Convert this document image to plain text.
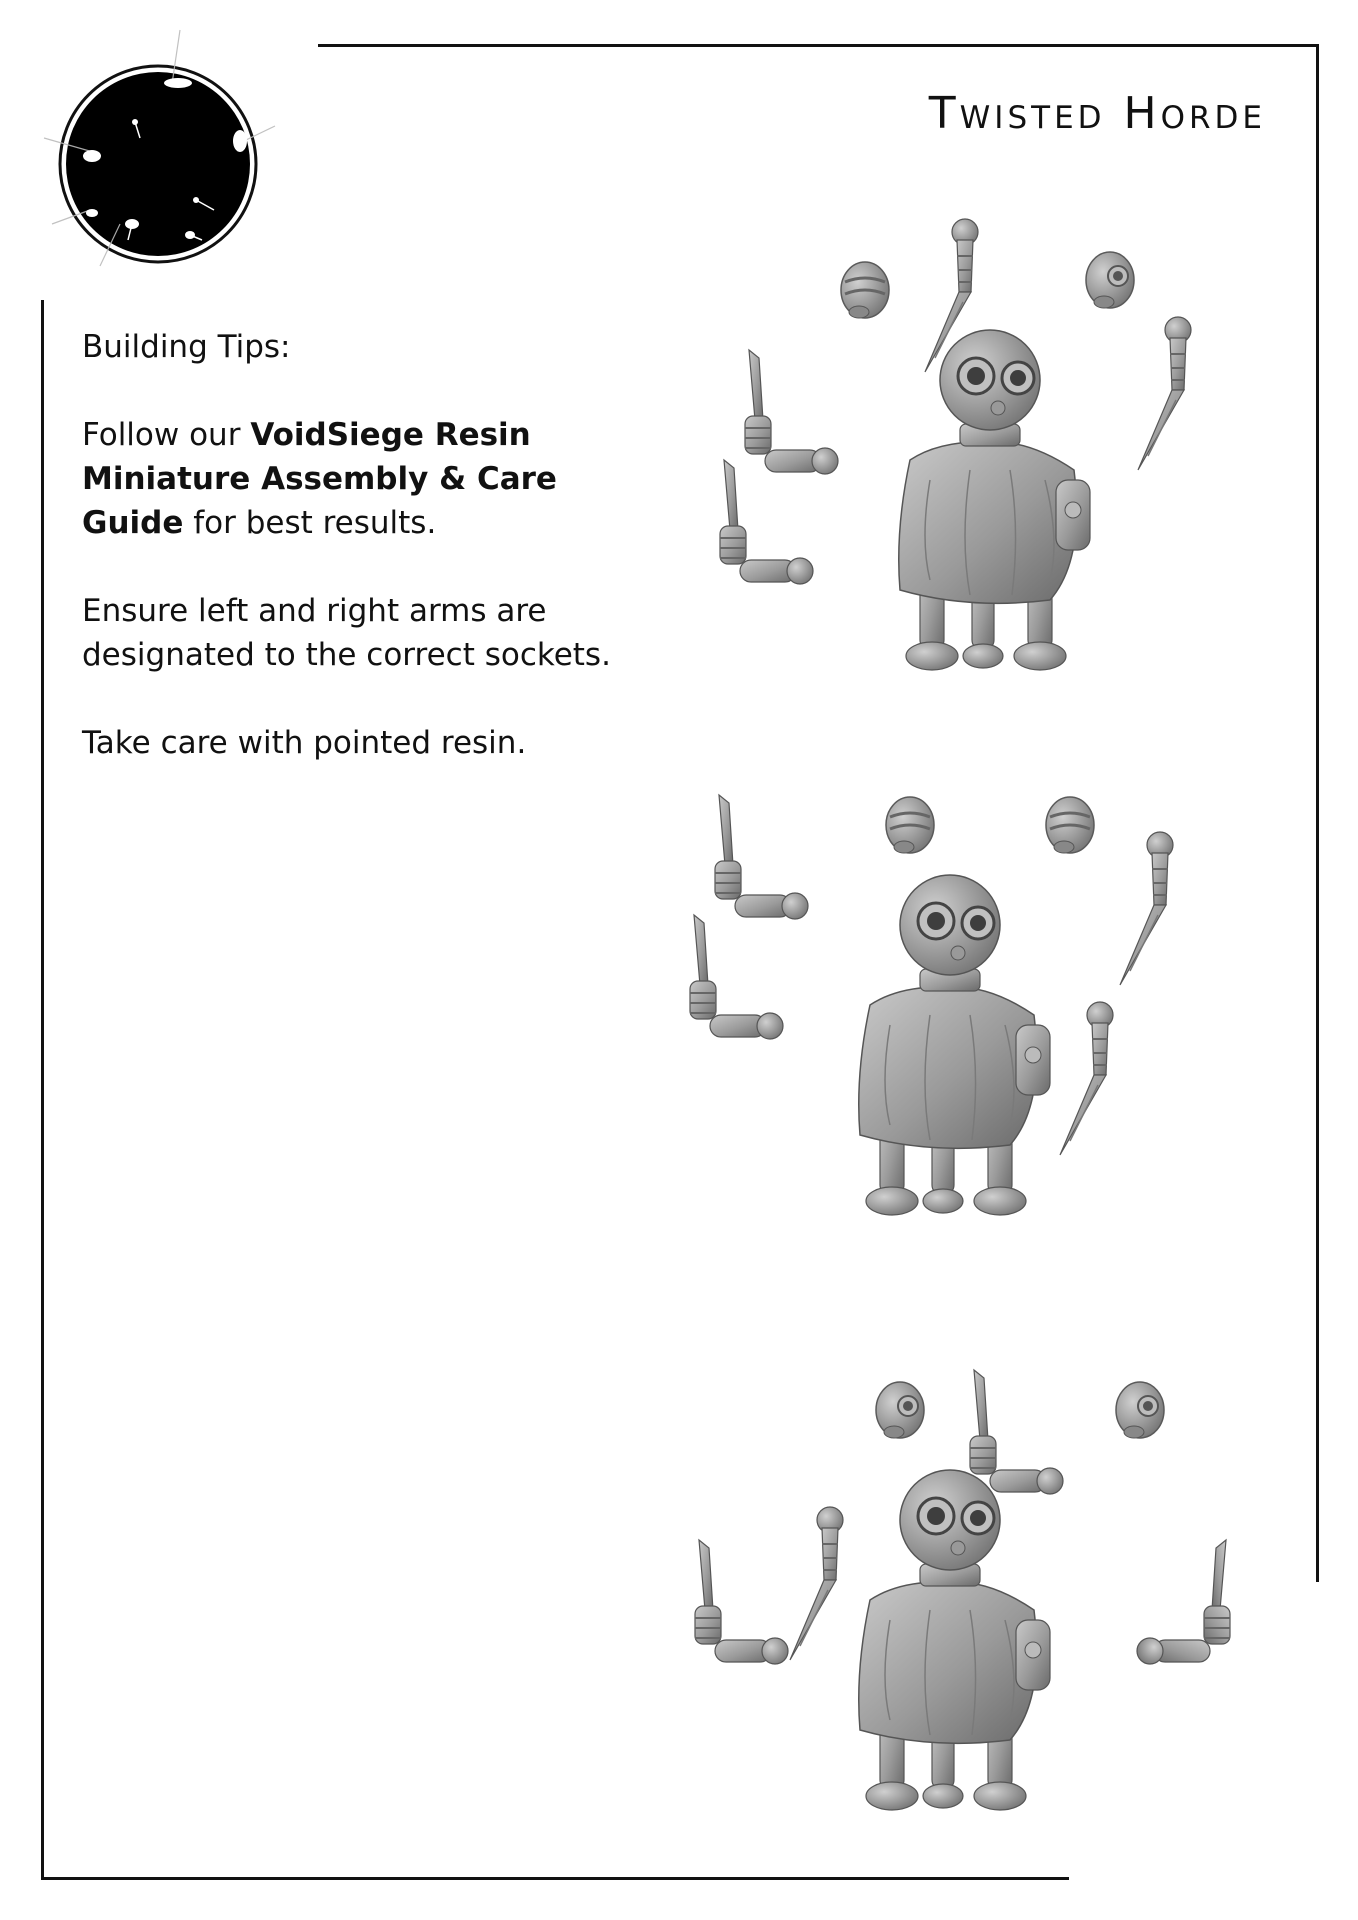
Twisted Horde

Building Tips:

Follow our VoidSiege Resin Miniature Assembly & Care Guide for best results.

Ensure left and right arms are designated to the correct sockets.

Take care with pointed resin.
